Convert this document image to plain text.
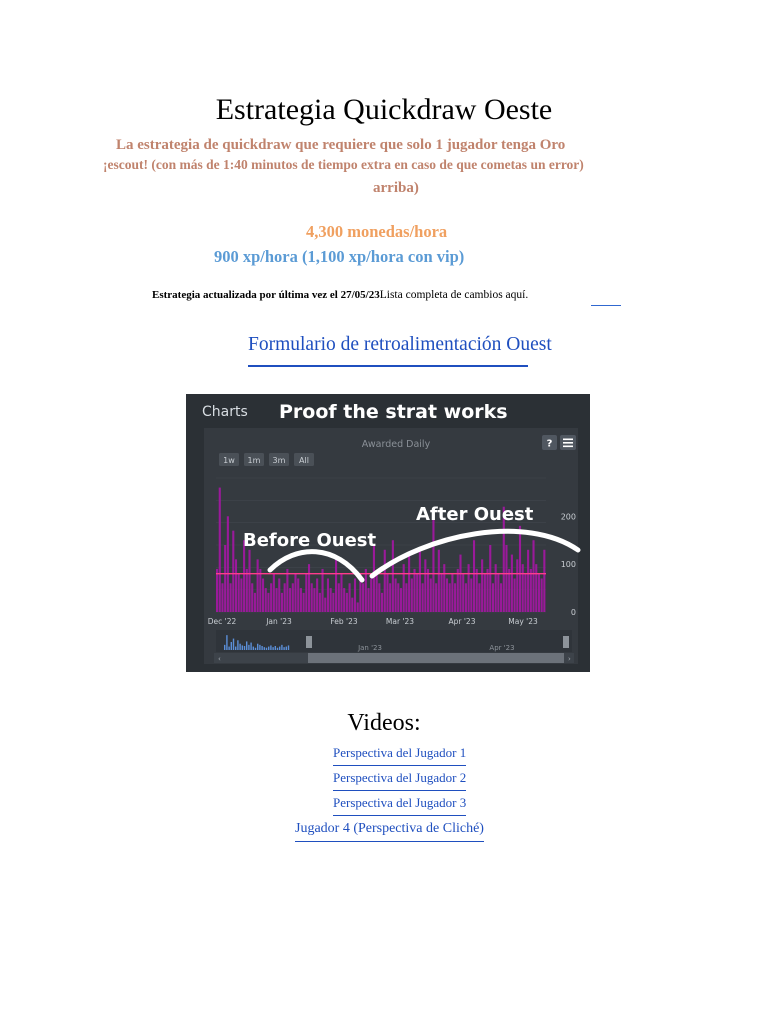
Estrategia Quickdraw Oeste
La estrategia de quickdraw que requiere que solo 1 jugador tenga Oro
¡escout! (con más de 1:40 minutos de tiempo extra en caso de que cometas un error)
arriba)
4,300 monedas/hora
900 xp/hora (1,100 xp/hora con vip)
Estrategia actualizada por última vez el 27/05/23Lista completa de cambios aquí.
Formulario de retroalimentación Ouest
Charts Proof the strat works
Awarded Daily
1w 1m 3m All
?
0
100
200
Dec '22	Jan '23	Feb '23	Mar '23	Apr '23	May '23
Before Ouest
After Ouest
Jan '23	Apr '23
‹	›
Videos:
Perspectiva del Jugador 1
Perspectiva del Jugador 2
Perspectiva del Jugador 3
Jugador 4 (Perspectiva de Cliché)
